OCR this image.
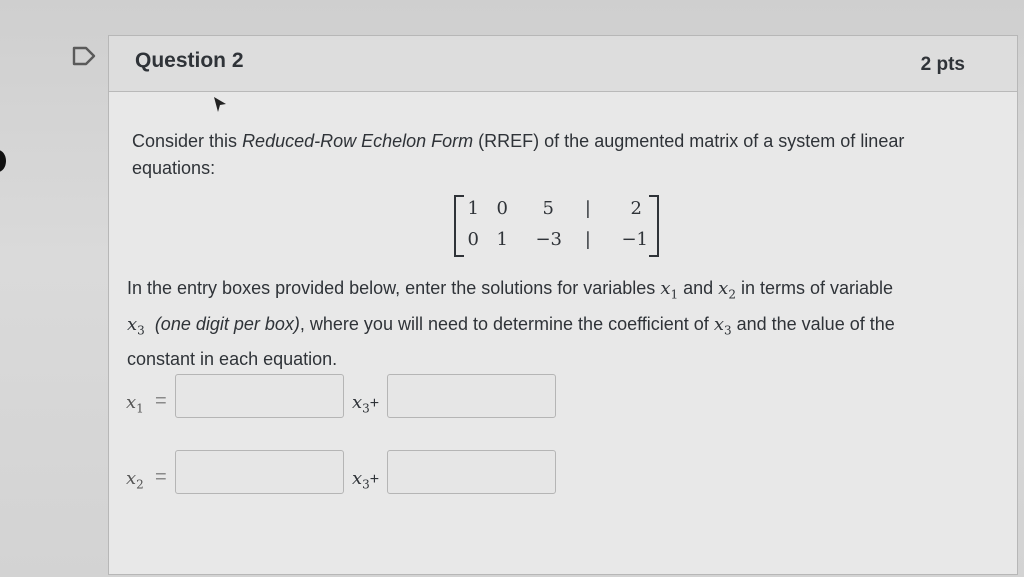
Question 2	2 pts
Consider this Reduced-Row Echelon Form (RREF) of the augmented matrix of a system of linear equations:
1 0	5	|	2
0 1	−3	|	−1
In the entry boxes provided below, enter the solutions for variables $x_1$ and $x_2$ in terms of variable $x_3$ (one digit per box), where you will need to determine the coefficient of $x_3$ and the value of the constant in each equation.
$x_1$ =	$x_3+$
$x_2$ =	$x_3+$
